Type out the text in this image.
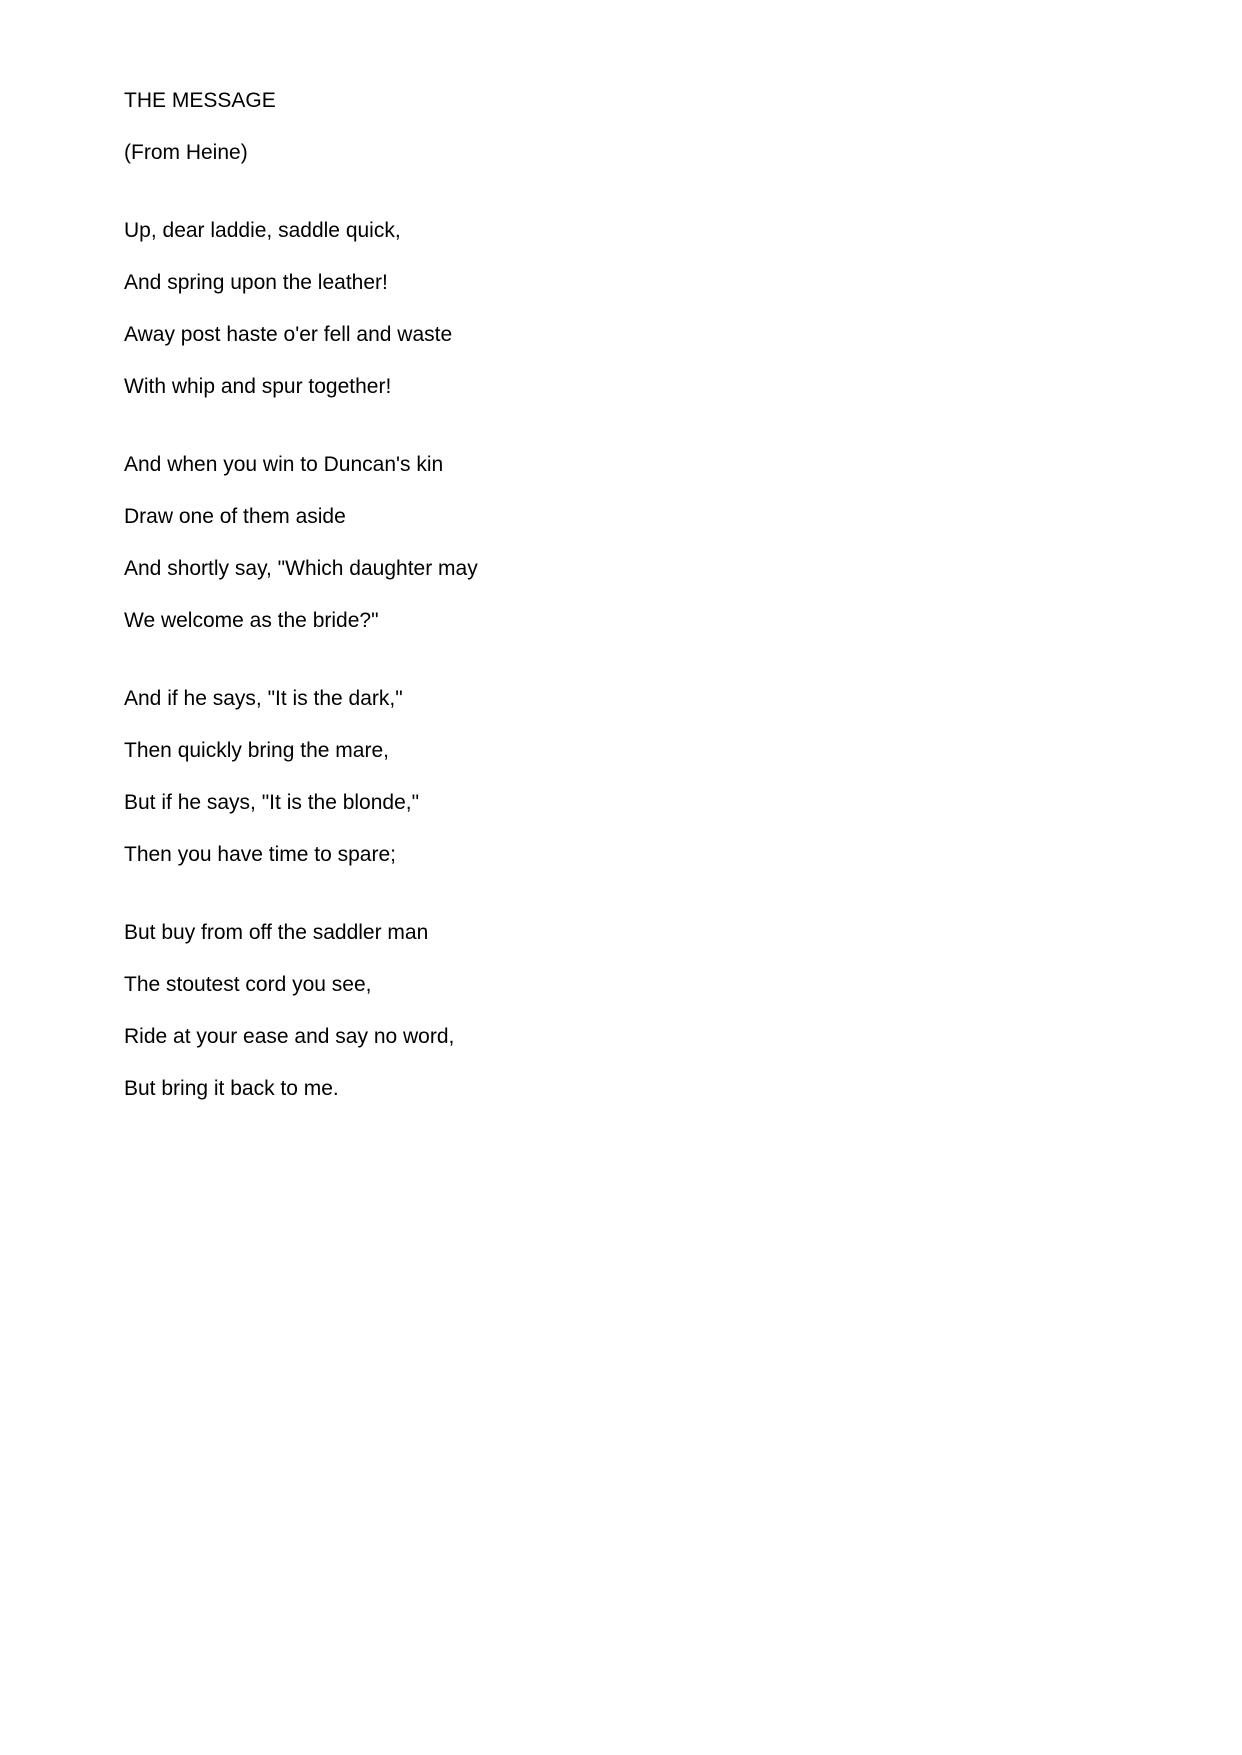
THE MESSAGE
(From Heine)
Up, dear laddie, saddle quick,
And spring upon the leather!
Away post haste o'er fell and waste
With whip and spur together!
And when you win to Duncan's kin
Draw one of them aside
And shortly say, "Which daughter may
We welcome as the bride?"
And if he says, "It is the dark,"
Then quickly bring the mare,
But if he says, "It is the blonde,"
Then you have time to spare;
But buy from off the saddler man
The stoutest cord you see,
Ride at your ease and say no word,
But bring it back to me.
